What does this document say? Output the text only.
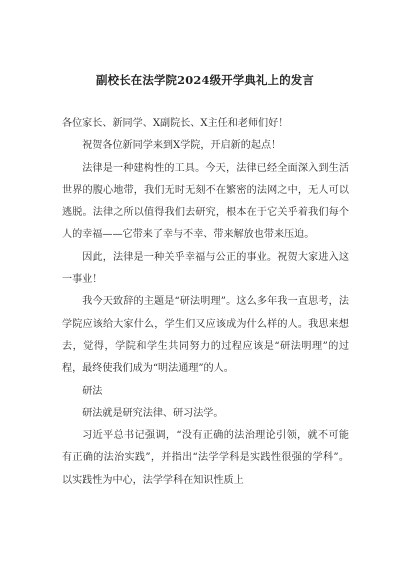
副校长在法学院2024级开学典礼上的发言

各位家长、新同学、X副院长、X主任和老师们好！

祝贺各位新同学来到X学院，开启新的起点！

法律是一种建构性的工具。今天，法律已经全面深入到生活世界的腹心地带，我们无时无刻不在繁密的法网之中，无人可以逃脱。法律之所以值得我们去研究，根本在于它关乎着我们每个人的幸福——它带来了幸与不幸、带来解放也带来压迫。

因此，法律是一种关乎幸福与公正的事业。祝贺大家进入这一事业！

我今天致辞的主题是“研法明理”。这么多年我一直思考，法学院应该给大家什么，学生们又应该成为什么样的人。我思来想去，觉得，学院和学生共同努力的过程应该是“研法明理”的过程，最终使我们成为“明法通理”的人。

研法

研法就是研究法律、研习法学。

习近平总书记强调，“没有正确的法治理论引领，就不可能有正确的法治实践”，并指出“法学学科是实践性很强的学科”。以实践性为中心，法学学科在知识性质上
